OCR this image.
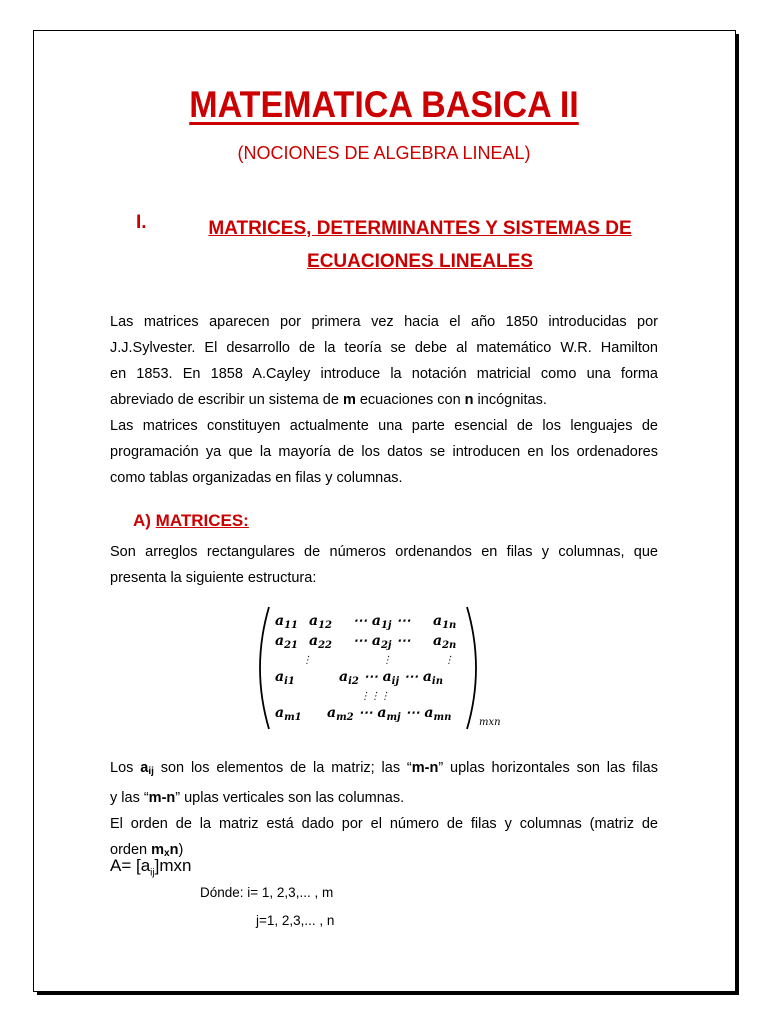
MATEMATICA BASICA II
(NOCIONES DE ALGEBRA LINEAL)
I.	MATRICES, DETERMINANTES Y SISTEMAS DE
ECUACIONES LINEALES
Las matrices aparecen por primera vez hacia el año 1850 introducidas por
J.J.Sylvester. El desarrollo de la teoría se debe al matemático W.R. Hamilton
en 1853. En 1858 A.Cayley introduce la notación matricial como una forma
abreviado de escribir un sistema de m ecuaciones con n incógnitas.
Las matrices constituyen actualmente una parte esencial de los lenguajes de
programación ya que la mayoría de los datos se introducen en los ordenadores
como tablas organizadas en filas y columnas.
A) MATRICES:
Son arreglos rectangulares de números ordenandos en filas y columnas, que
presenta la siguiente estructura:
$a_{11}$ $a_{12}$ ⋯ $a_{1j}$ ⋯ $a_{1n}$
$a_{21}$ $a_{22}$ ⋯ $a_{2j}$ ⋯ $a_{2n}$
⋮	⋮	⋮
$a_{i1}$	$a_{i2}$ ⋯ $a_{ij}$ ⋯ $a_{in}$
⋮⋮⋮
$a_{m1}$ $a_{m2}$ ⋯ $a_{mj}$ ⋯ $a_{mn}$	mxn
Los aij son los elementos de la matriz; las “m-n” uplas horizontales son las filas
y las “m-n” uplas verticales son las columnas.
El orden de la matriz está dado por el número de filas y columnas (matriz de
orden mxn)
$A= [a_{ij}]mxn$
Dónde: i= 1, 2,3,... , m
j=1, 2,3,... , n
